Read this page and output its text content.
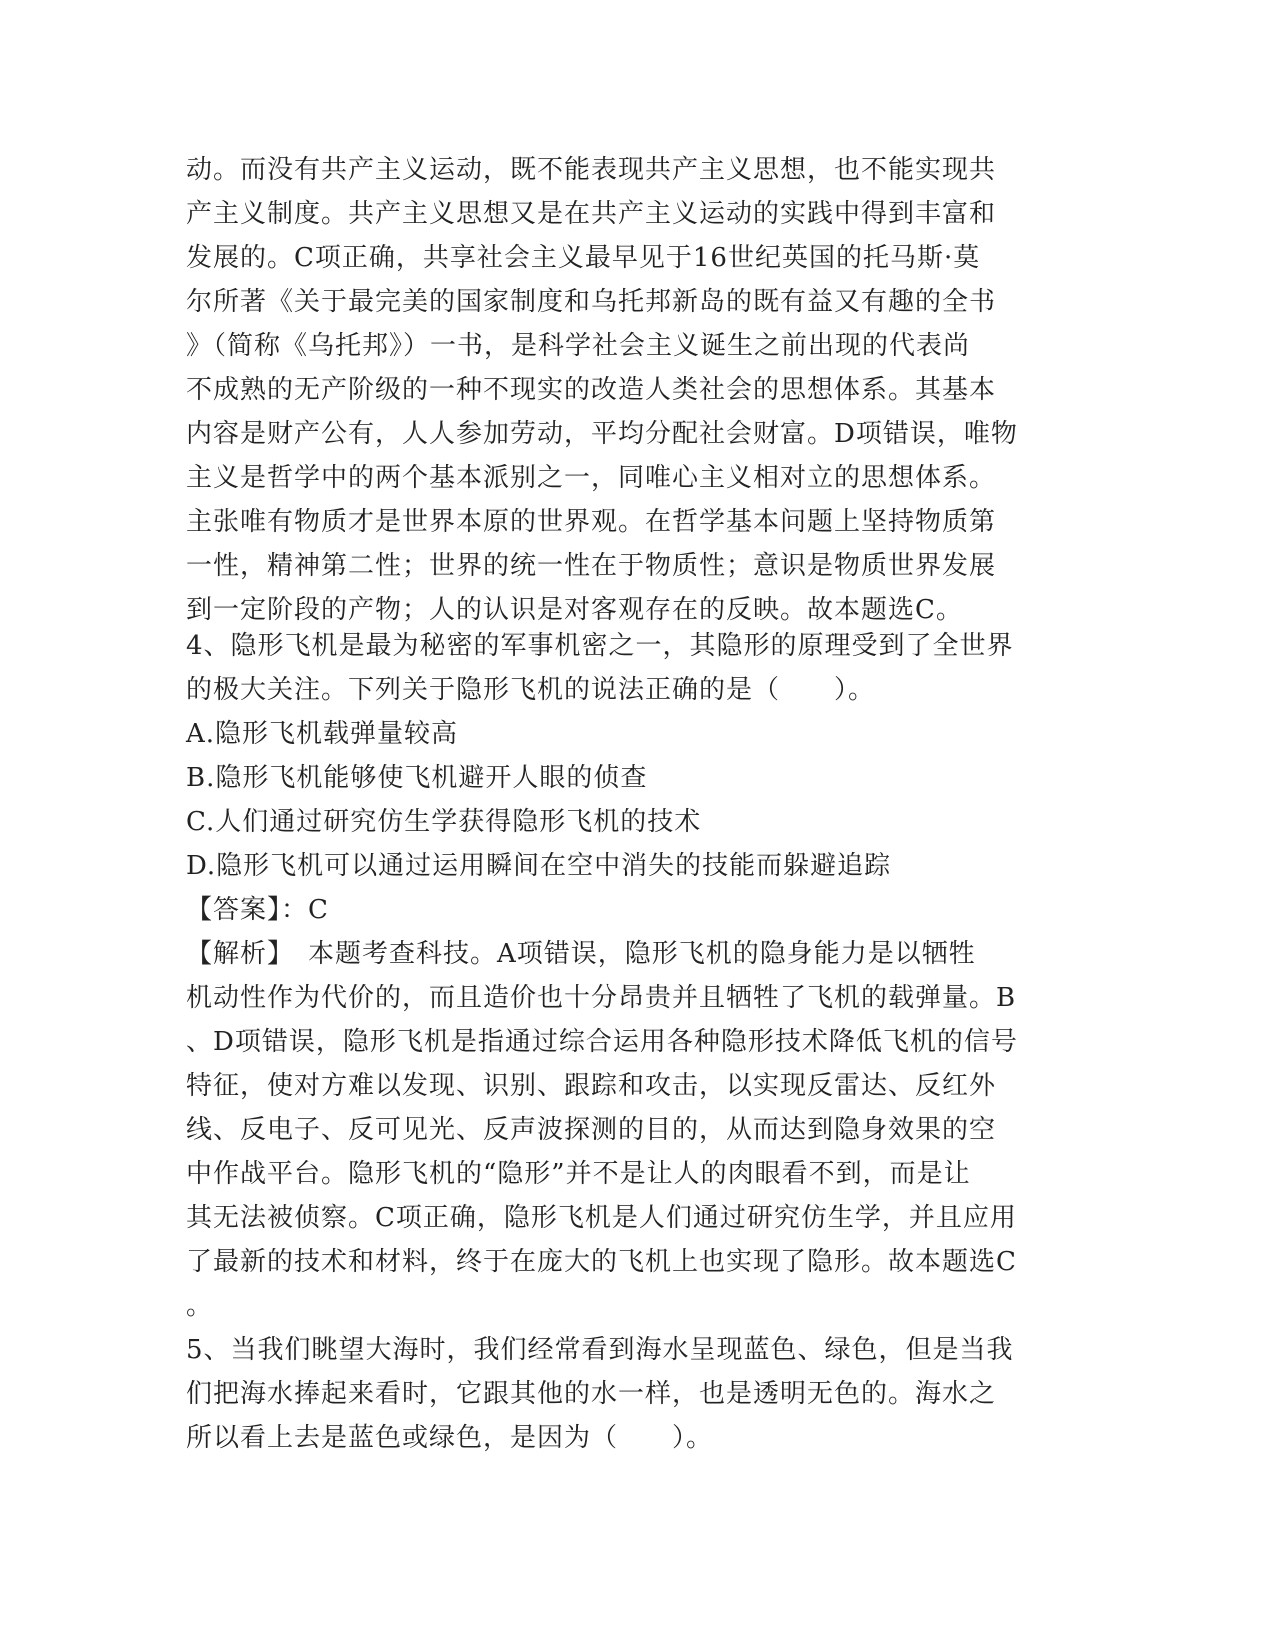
动。而没有共产主义运动，既不能表现共产主义思想，也不能实现共
产主义制度。共产主义思想又是在共产主义运动的实践中得到丰富和
发展的。C项正确，共享社会主义最早见于16世纪英国的托马斯·莫
尔所著《关于最完美的国家制度和乌托邦新岛的既有益又有趣的全书
》（简称《乌托邦》）一书，是科学社会主义诞生之前出现的代表尚
不成熟的无产阶级的一种不现实的改造人类社会的思想体系。其基本
内容是财产公有，人人参加劳动，平均分配社会财富。D项错误，唯物
主义是哲学中的两个基本派别之一，同唯心主义相对立的思想体系。
主张唯有物质才是世界本原的世界观。在哲学基本问题上坚持物质第
一性，精神第二性；世界的统一性在于物质性；意识是物质世界发展
到一定阶段的产物；人的认识是对客观存在的反映。故本题选C。
4、隐形飞机是最为秘密的军事机密之一，其隐形的原理受到了全世界
的极大关注。下列关于隐形飞机的说法正确的是（　　）。
A.隐形飞机载弹量较高
B.隐形飞机能够使飞机避开人眼的侦查
C.人们通过研究仿生学获得隐形飞机的技术
D.隐形飞机可以通过运用瞬间在空中消失的技能而躲避追踪
【答案】：C
【解析】　本题考查科技。A项错误，隐形飞机的隐身能力是以牺牲
机动性作为代价的，而且造价也十分昂贵并且牺牲了飞机的载弹量。B
、D项错误，隐形飞机是指通过综合运用各种隐形技术降低飞机的信号
特征，使对方难以发现、识别、跟踪和攻击，以实现反雷达、反红外
线、反电子、反可见光、反声波探测的目的，从而达到隐身效果的空
中作战平台。隐形飞机的“隐形”并不是让人的肉眼看不到，而是让
其无法被侦察。C项正确，隐形飞机是人们通过研究仿生学，并且应用
了最新的技术和材料，终于在庞大的飞机上也实现了隐形。故本题选C
。
5、当我们眺望大海时，我们经常看到海水呈现蓝色、绿色，但是当我
们把海水捧起来看时，它跟其他的水一样，也是透明无色的。海水之
所以看上去是蓝色或绿色，是因为（　　）。
